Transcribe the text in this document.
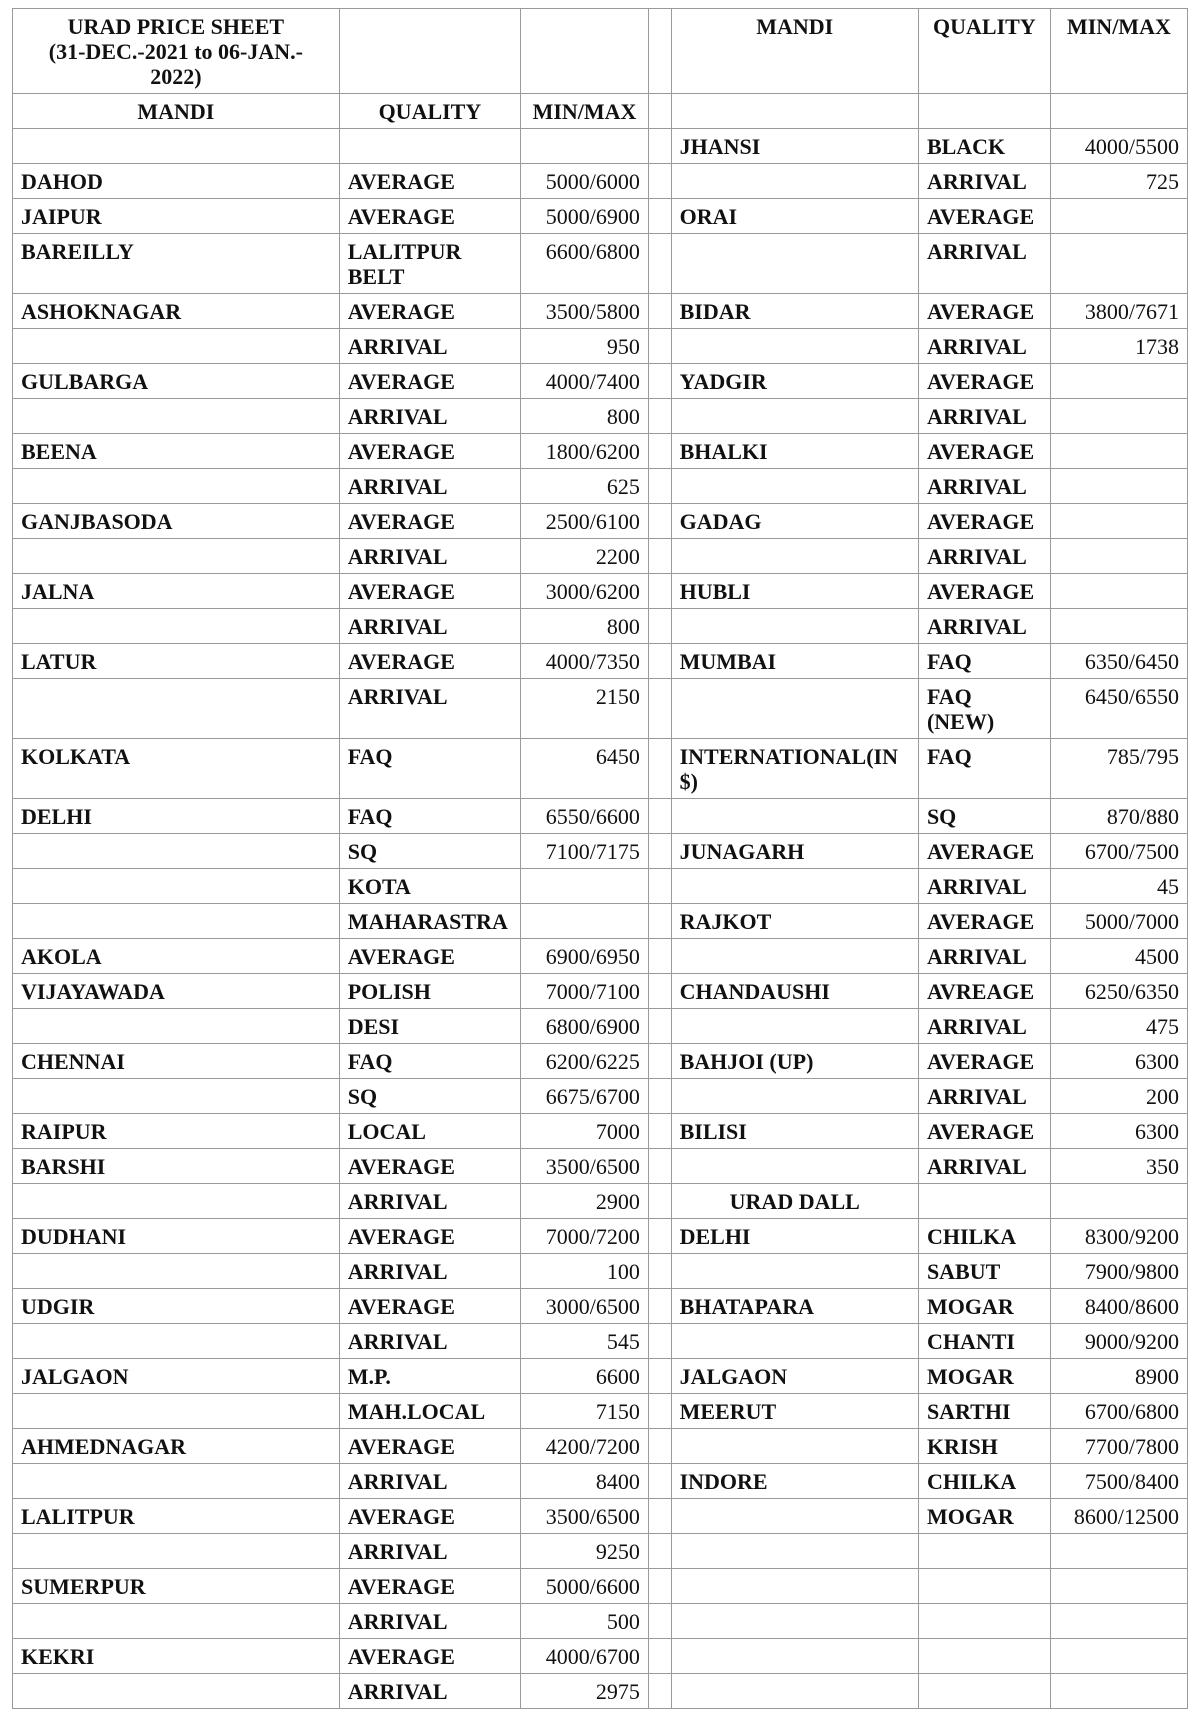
URAD PRICE SHEET
(31-DEC.-2021 to 06-JAN.-
2022)				MANDI	QUALITY	MIN/MAX
MANDI	QUALITY	MIN/MAX				
				JHANSI	BLACK	4000/5500
DAHOD	AVERAGE	5000/6000			ARRIVAL	725
JAIPUR	AVERAGE	5000/6900		ORAI	AVERAGE	
BAREILLY	LALITPUR BELT	6600/6800			ARRIVAL	
ASHOKNAGAR	AVERAGE	3500/5800		BIDAR	AVERAGE	3800/7671
	ARRIVAL	950			ARRIVAL	1738
GULBARGA	AVERAGE	4000/7400		YADGIR	AVERAGE	
	ARRIVAL	800			ARRIVAL	
BEENA	AVERAGE	1800/6200		BHALKI	AVERAGE	
	ARRIVAL	625			ARRIVAL	
GANJBASODA	AVERAGE	2500/6100		GADAG	AVERAGE	
	ARRIVAL	2200			ARRIVAL	
JALNA	AVERAGE	3000/6200		HUBLI	AVERAGE	
	ARRIVAL	800			ARRIVAL	
LATUR	AVERAGE	4000/7350		MUMBAI	FAQ	6350/6450
	ARRIVAL	2150			FAQ (NEW)	6450/6550
KOLKATA	FAQ	6450		INTERNATIONAL(IN $)	FAQ	785/795
DELHI	FAQ	6550/6600			SQ	870/880
	SQ	7100/7175		JUNAGARH	AVERAGE	6700/7500
	KOTA				ARRIVAL	45
	MAHARASTRA			RAJKOT	AVERAGE	5000/7000
AKOLA	AVERAGE	6900/6950			ARRIVAL	4500
VIJAYAWADA	POLISH	7000/7100		CHANDAUSHI	AVREAGE	6250/6350
	DESI	6800/6900			ARRIVAL	475
CHENNAI	FAQ	6200/6225		BAHJOI (UP)	AVERAGE	6300
	SQ	6675/6700			ARRIVAL	200
RAIPUR	LOCAL	7000		BILISI	AVERAGE	6300
BARSHI	AVERAGE	3500/6500			ARRIVAL	350
	ARRIVAL	2900		URAD DALL		
DUDHANI	AVERAGE	7000/7200		DELHI	CHILKA	8300/9200
	ARRIVAL	100			SABUT	7900/9800
UDGIR	AVERAGE	3000/6500		BHATAPARA	MOGAR	8400/8600
	ARRIVAL	545			CHANTI	9000/9200
JALGAON	M.P.	6600		JALGAON	MOGAR	8900
	MAH.LOCAL	7150		MEERUT	SARTHI	6700/6800
AHMEDNAGAR	AVERAGE	4200/7200			KRISH	7700/7800
	ARRIVAL	8400		INDORE	CHILKA	7500/8400
LALITPUR	AVERAGE	3500/6500			MOGAR	8600/12500
	ARRIVAL	9250				
SUMERPUR	AVERAGE	5000/6600				
	ARRIVAL	500				
KEKRI	AVERAGE	4000/6700				
	ARRIVAL	2975				
